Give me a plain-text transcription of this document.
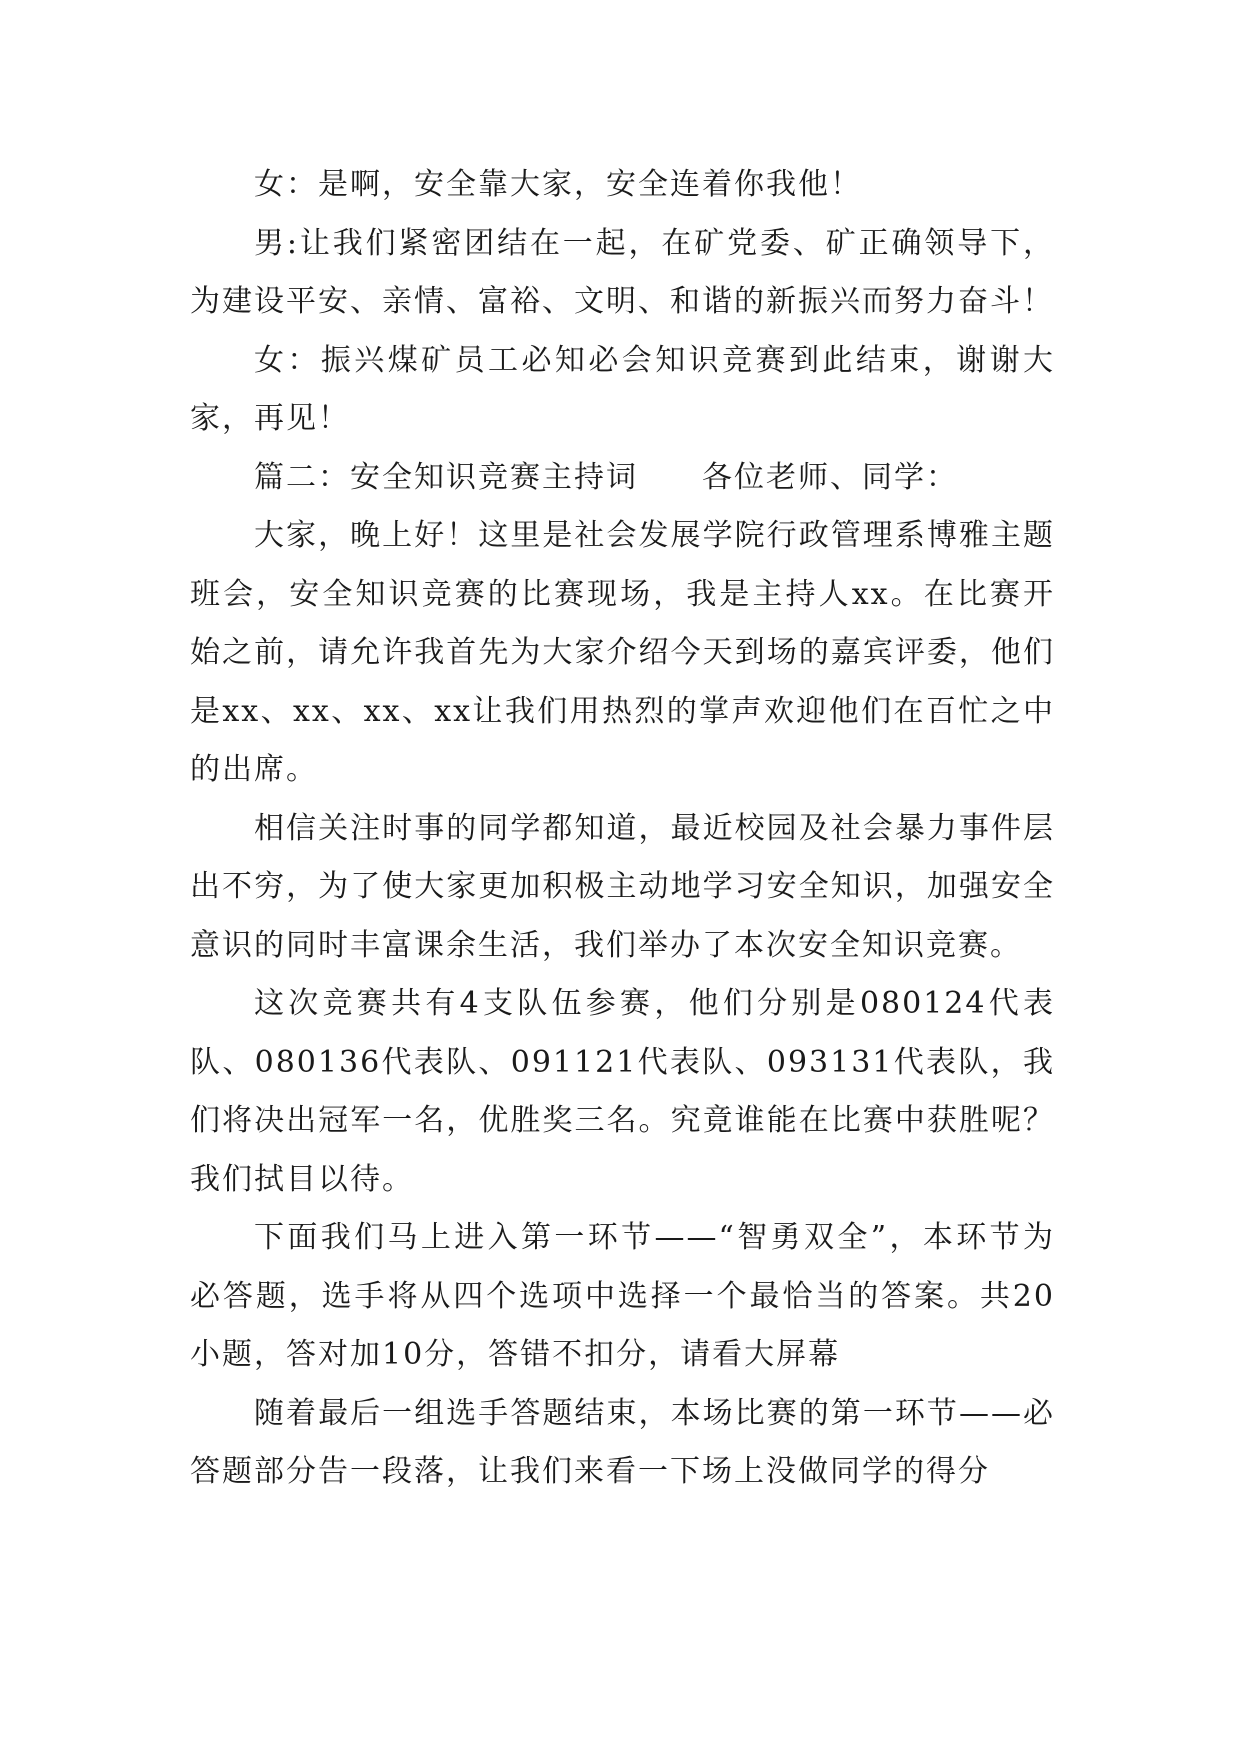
女：是啊，安全靠大家，安全连着你我他！

男:让我们紧密团结在一起，在矿党委、矿正确领导下，为建设平安、亲情、富裕、文明、和谐的新振兴而努力奋斗！

女：振兴煤矿员工必知必会知识竞赛到此结束，谢谢大家，再见！

篇二：安全知识竞赛主持词　　各位老师、同学：

大家，晚上好！这里是社会发展学院行政管理系博雅主题班会，安全知识竞赛的比赛现场，我是主持人xx。在比赛开始之前，请允许我首先为大家介绍今天到场的嘉宾评委，他们是xx、xx、xx、xx让我们用热烈的掌声欢迎他们在百忙之中的出席。

相信关注时事的同学都知道，最近校园及社会暴力事件层出不穷，为了使大家更加积极主动地学习安全知识，加强安全意识的同时丰富课余生活，我们举办了本次安全知识竞赛。

这次竞赛共有4支队伍参赛，他们分别是080124代表队、080136代表队、091121代表队、093131代表队，我们将决出冠军一名，优胜奖三名。究竟谁能在比赛中获胜呢？我们拭目以待。

下面我们马上进入第一环节——“智勇双全”，本环节为必答题，选手将从四个选项中选择一个最恰当的答案。共20小题，答对加10分，答错不扣分，请看大屏幕

随着最后一组选手答题结束，本场比赛的第一环节——必答题部分告一段落，让我们来看一下场上没做同学的得分
